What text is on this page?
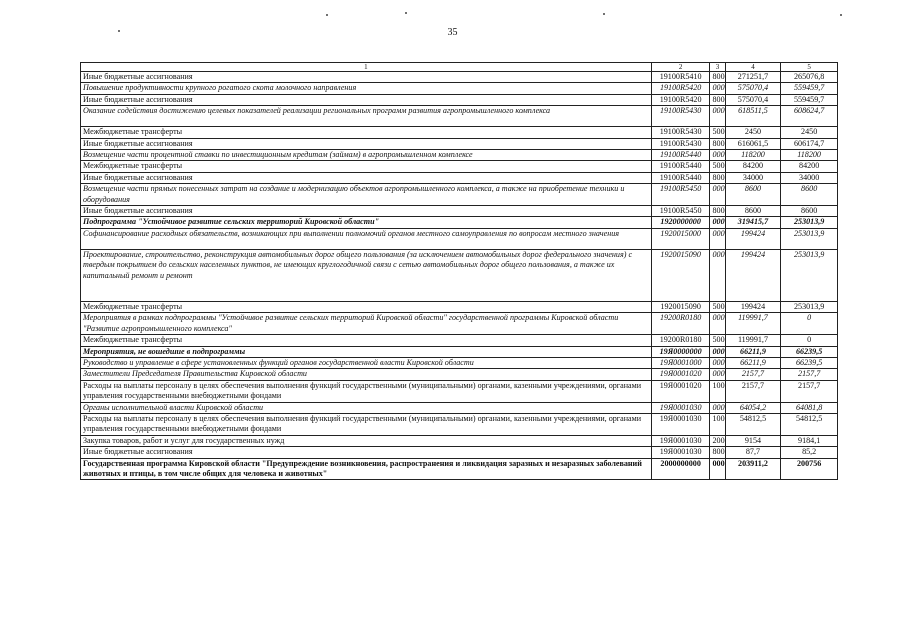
35
1	2	3	4	5
Иные бюджетные ассигнования	19100R5410	800	271251,7	265076,8
Повышение продуктивности крупного рогатого скота молочного направления	19100R5420	000	575070,4	559459,7
Иные бюджетные ассигнования	19100R5420	800	575070,4	559459,7
Оказание содействия достижению целевых показателей реализации региональных программ развития агропромышленного комплекса	19100R5430	000	618511,5	608624,7
Межбюджетные трансферты	19100R5430	500	2450	2450
Иные бюджетные ассигнования	19100R5430	800	616061,5	606174,7
Возмещение части процентной ставки по инвестиционным кредитам (займам) в агропромышленном комплексе	19100R5440	000	118200	118200
Межбюджетные трансферты	19100R5440	500	84200	84200
Иные бюджетные ассигнования	19100R5440	800	34000	34000
Возмещение части прямых понесенных затрат на создание и модернизацию объектов агропромышленного комплекса, а также на приобретение техники и оборудования	19100R5450	000	8600	8600
Иные бюджетные ассигнования	19100R5450	800	8600	8600
Подпрограмма "Устойчивое развитие сельских территорий Кировской области"	1920000000	000	319415,7	253013,9
Софинансирование расходных обязательств, возникающих при выполнении полномочий органов местного самоуправления по вопросам местного значения	1920015000	000	199424	253013,9
Проектирование, строительство, реконструкция автомобильных дорог общего пользования (за исключением автомобильных дорог федерального значения) с твердым покрытием до сельских населенных пунктов, не имеющих круглогодичной связи с сетью автомобильных дорог общего пользования, а также их капитальный ремонт и ремонт	1920015090	000	199424	253013,9
Межбюджетные трансферты	1920015090	500	199424	253013,9
Мероприятия в рамках подпрограммы "Устойчивое развитие сельских территорий Кировской области" государственной программы Кировской области "Развитие агропромышленного комплекса"	19200R0180	000	119991,7	0
Межбюджетные трансферты	19200R0180	500	119991,7	0
Мероприятия, не вошедшие в подпрограммы	19Я0000000	000	66211,9	66239,5
Руководство и управление в сфере установленных функций органов государственной власти Кировской области	19Я0001000	000	66211,9	66239,5
Заместители Председателя Правительства Кировской области	19Я0001020	000	2157,7	2157,7
Расходы на выплаты персоналу в целях обеспечения выполнения функций государственными (муниципальными) органами, казенными учреждениями, органами управления государственными внебюджетными фондами	19Я0001020	100	2157,7	2157,7
Органы исполнительной власти Кировской области	19Я0001030	000	64054,2	64081,8
Расходы на выплаты персоналу в целях обеспечения выполнения функций государственными (муниципальными) органами, казенными учреждениями, органами управления государственными внебюджетными фондами	19Я0001030	100	54812,5	54812,5
Закупка товаров, работ и услуг для государственных нужд	19Я0001030	200	9154	9184,1
Иные бюджетные ассигнования	19Я0001030	800	87,7	85,2
Государственная программа Кировской области "Предупреждение возникновения, распространения и ликвидация заразных и незаразных заболеваний животных и птицы, в том числе общих для человека и животных"	2000000000	000	203911,2	200756
